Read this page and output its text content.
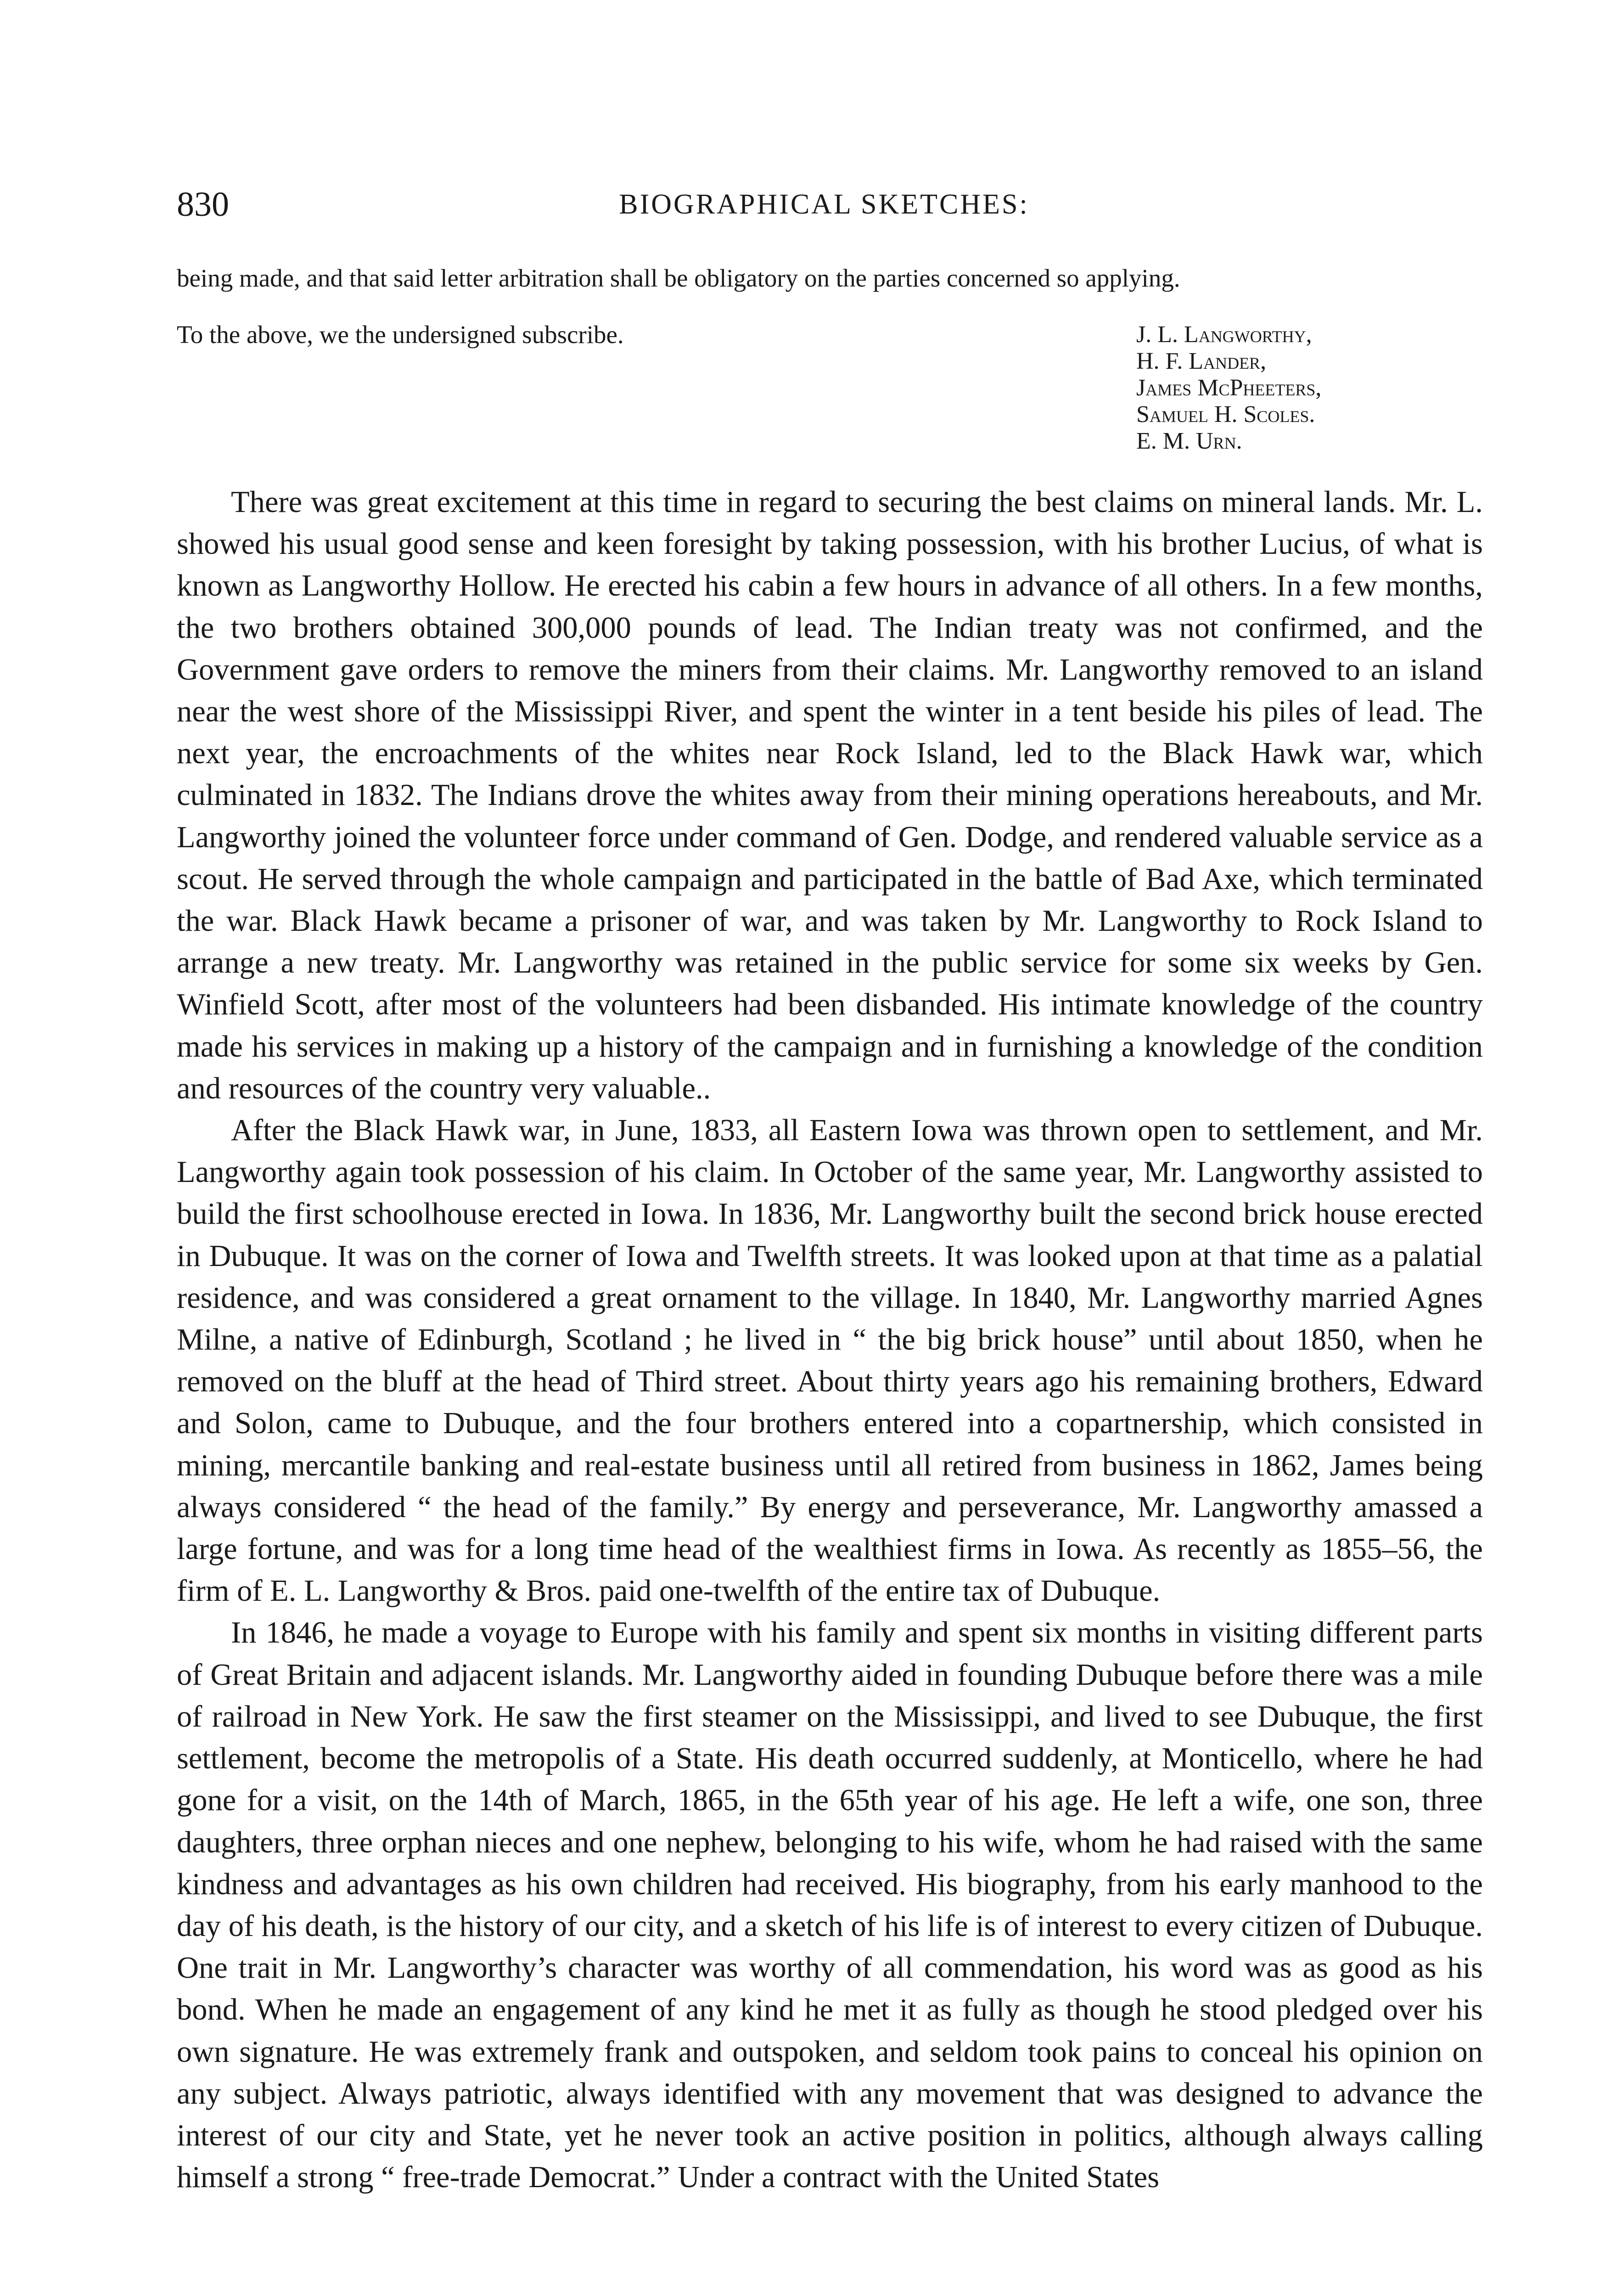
830	BIOGRAPHICAL SKETCHES:
being made, and that said letter arbitration shall be obligatory on the parties concerned so applying.
To the above, we the undersigned subscribe.	J. L. Langworthy,
H. F. Lander,
James McPheeters,
Samuel H. Scoles.
E. M. Urn.

There was great excitement at this time in regard to securing the best claims on mineral lands. Mr. L. showed his usual good sense and keen foresight by taking possession, with his brother Lucius, of what is known as Langworthy Hollow. He erected his cabin a few hours in advance of all others. In a few months, the two brothers obtained 300,000 pounds of lead. The Indian treaty was not confirmed, and the Government gave orders to remove the miners from their claims. Mr. Langworthy removed to an island near the west shore of the Mississippi River, and spent the winter in a tent beside his piles of lead. The next year, the encroachments of the whites near Rock Island, led to the Black Hawk war, which culminated in 1832. The Indians drove the whites away from their mining operations hereabouts, and Mr. Langworthy joined the volunteer force under command of Gen. Dodge, and rendered valuable service as a scout. He served through the whole campaign and participated in the battle of Bad Axe, which terminated the war. Black Hawk became a prisoner of war, and was taken by Mr. Langworthy to Rock Island to arrange a new treaty. Mr. Langworthy was retained in the public service for some six weeks by Gen. Winfield Scott, after most of the volunteers had been disbanded. His intimate knowledge of the country made his services in making up a history of the campaign and in furnishing a knowledge of the condition and resources of the country very valuable..

After the Black Hawk war, in June, 1833, all Eastern Iowa was thrown open to settlement, and Mr. Langworthy again took possession of his claim. In October of the same year, Mr. Langworthy assisted to build the first schoolhouse erected in Iowa. In 1836, Mr. Langworthy built the second brick house erected in Dubuque. It was on the corner of Iowa and Twelfth streets. It was looked upon at that time as a palatial residence, and was considered a great ornament to the village. In 1840, Mr. Langworthy married Agnes Milne, a native of Edinburgh, Scotland ; he lived in “ the big brick house” until about 1850, when he removed on the bluff at the head of Third street. About thirty years ago his remaining brothers, Edward and Solon, came to Dubuque, and the four brothers entered into a copartnership, which consisted in mining, mercantile banking and real-estate business until all retired from business in 1862, James being always considered “ the head of the family.” By energy and perseverance, Mr. Langworthy amassed a large fortune, and was for a long time head of the wealthiest firms in Iowa. As recently as 1855–56, the firm of E. L. Langworthy & Bros. paid one-twelfth of the entire tax of Dubuque.

In 1846, he made a voyage to Europe with his family and spent six months in visiting different parts of Great Britain and adjacent islands. Mr. Langworthy aided in founding Dubuque before there was a mile of railroad in New York. He saw the first steamer on the Mississippi, and lived to see Dubuque, the first settlement, become the metropolis of a State. His death occurred suddenly, at Monticello, where he had gone for a visit, on the 14th of March, 1865, in the 65th year of his age. He left a wife, one son, three daughters, three orphan nieces and one nephew, belonging to his wife, whom he had raised with the same kindness and advantages as his own children had received. His biography, from his early manhood to the day of his death, is the history of our city, and a sketch of his life is of interest to every citizen of Dubuque. One trait in Mr. Langworthy’s character was worthy of all commendation, his word was as good as his bond. When he made an engagement of any kind he met it as fully as though he stood pledged over his own signature. He was extremely frank and outspoken, and seldom took pains to conceal his opinion on any subject. Always patriotic, always identified with any movement that was designed to advance the interest of our city and State, yet he never took an active position in politics, although always calling himself a strong “ free-trade Democrat.” Under a contract with the United States
